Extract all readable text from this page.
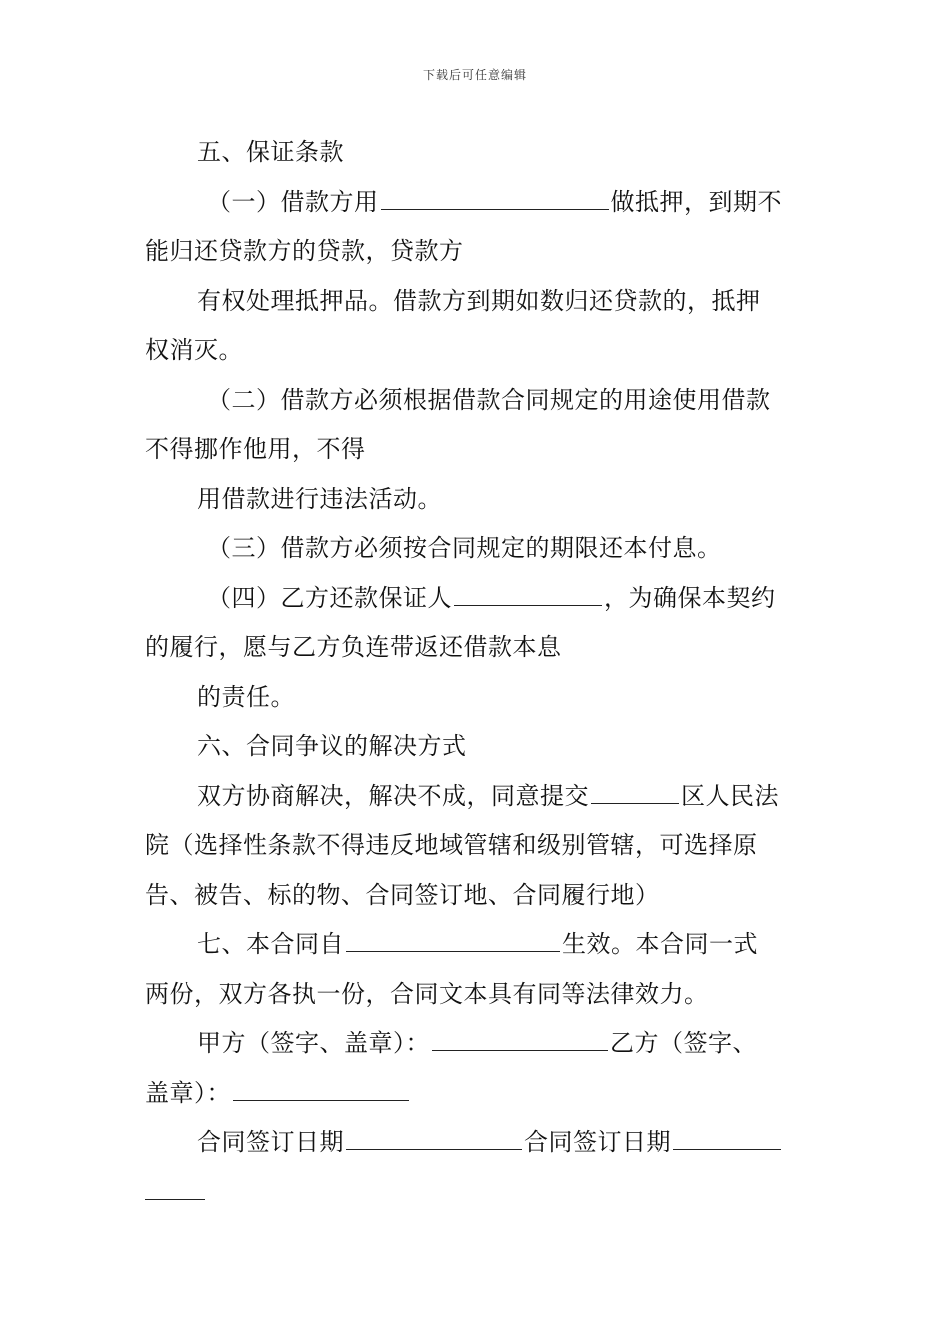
下载后可任意编辑
五、保证条款
（一）借款方用	做抵押，到期不
能归还贷款方的贷款，贷款方
有权处理抵押品。借款方到期如数归还贷款的，抵押
权消灭。
（二）借款方必须根据借款合同规定的用途使用借款
不得挪作他用，不得
用借款进行违法活动。
（三）借款方必须按合同规定的期限还本付息。
（四）乙方还款保证人	，为确保本契约
的履行，愿与乙方负连带返还借款本息
的责任。
六、合同争议的解决方式
双方协商解决，解决不成，同意提交	区人民法
院（选择性条款不得违反地域管辖和级别管辖，可选择原
告、被告、标的物、合同签订地、合同履行地）
七、本合同自	生效。本合同一式
两份，双方各执一份，合同文本具有同等法律效力。
甲方（签字、盖章）：	乙方（签字、
盖章）：
合同签订日期	合同签订日期
